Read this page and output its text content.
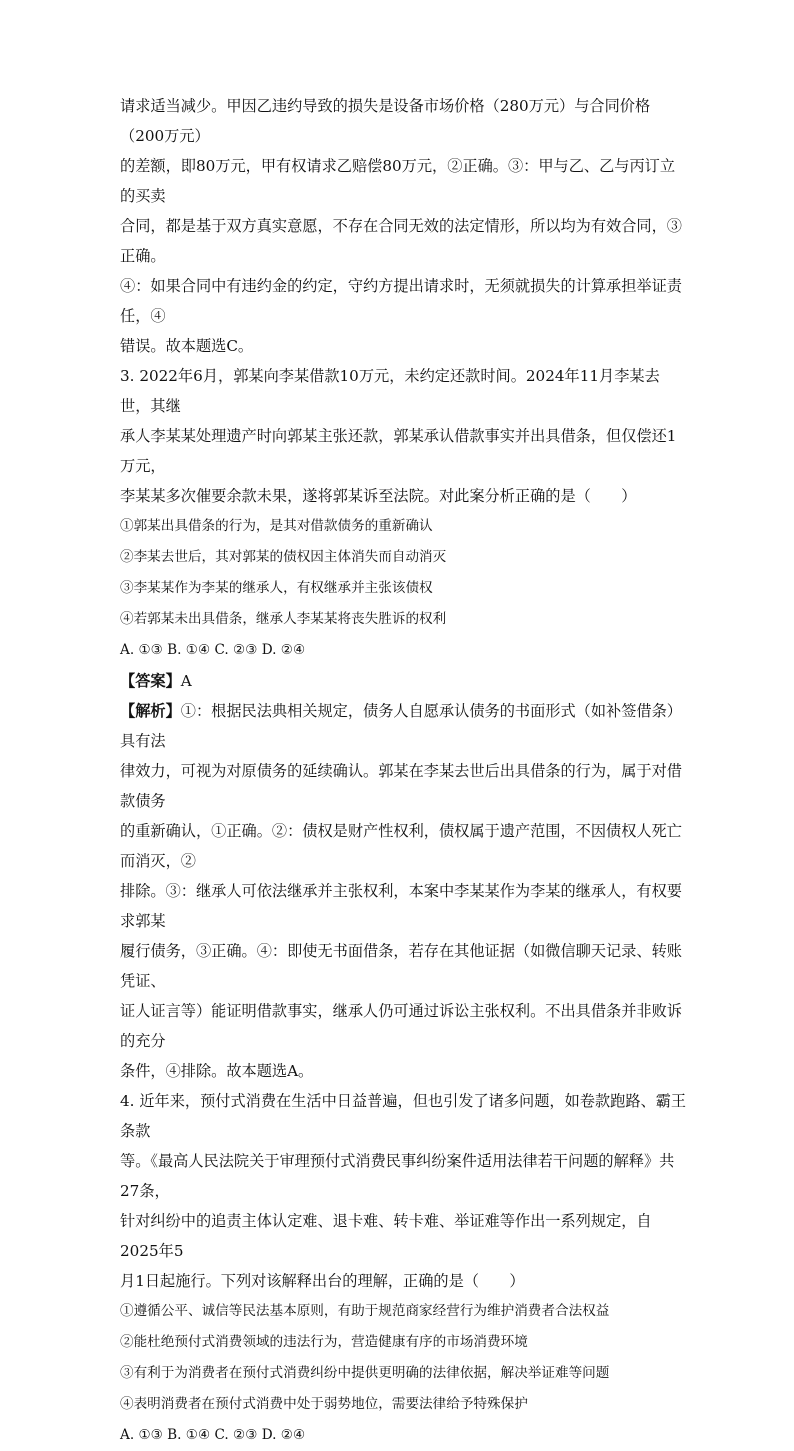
请求适当减少。甲因乙违约导致的损失是设备市场价格（280万元）与合同价格（200万元）

的差额，即80万元，甲有权请求乙赔偿80万元，②正确。③：甲与乙、乙与丙订立的买卖

合同，都是基于双方真实意愿，不存在合同无效的法定情形，所以均为有效合同，③正确。

④：如果合同中有违约金的约定，守约方提出请求时，无须就损失的计算承担举证责任，④

错误。故本题选C。

3. 2022年6月，郭某向李某借款10万元，未约定还款时间。2024年11月李某去世，其继

承人李某某处理遗产时向郭某主张还款，郭某承认借款事实并出具借条，但仅偿还1万元，

李某某多次催要余款未果，遂将郭某诉至法院。对此案分析正确的是（　　）

①郭某出具借条的行为，是其对借款债务的重新确认

②李某去世后，其对郭某的债权因主体消失而自动消灭

③李某某作为李某的继承人，有权继承并主张该债权

④若郭某未出具借条，继承人李某某将丧失胜诉的权利

A. ①③ B. ①④ C. ②③ D. ②④

【答案】A

【解析】①：根据民法典相关规定，债务人自愿承认债务的书面形式（如补签借条）具有法

律效力，可视为对原债务的延续确认。郭某在李某去世后出具借条的行为，属于对借款债务

的重新确认，①正确。②：债权是财产性权利，债权属于遗产范围，不因债权人死亡而消灭，②

排除。③：继承人可依法继承并主张权利，本案中李某某作为李某的继承人，有权要求郭某

履行债务，③正确。④：即使无书面借条，若存在其他证据（如微信聊天记录、转账凭证、

证人证言等）能证明借款事实，继承人仍可通过诉讼主张权利。不出具借条并非败诉的充分

条件，④排除。故本题选A。

4. 近年来，预付式消费在生活中日益普遍，但也引发了诸多问题，如卷款跑路、霸王条款

等。《最高人民法院关于审理预付式消费民事纠纷案件适用法律若干问题的解释》共27条，

针对纠纷中的追责主体认定难、退卡难、转卡难、举证难等作出一系列规定，自2025年5

月1日起施行。下列对该解释出台的理解，正确的是（　　）

①遵循公平、诚信等民法基本原则，有助于规范商家经营行为维护消费者合法权益

②能杜绝预付式消费领域的违法行为，营造健康有序的市场消费环境

③有利于为消费者在预付式消费纠纷中提供更明确的法律依据，解决举证难等问题

④表明消费者在预付式消费中处于弱势地位，需要法律给予特殊保护

A. ①③ B. ①④ C. ②③ D. ②④
